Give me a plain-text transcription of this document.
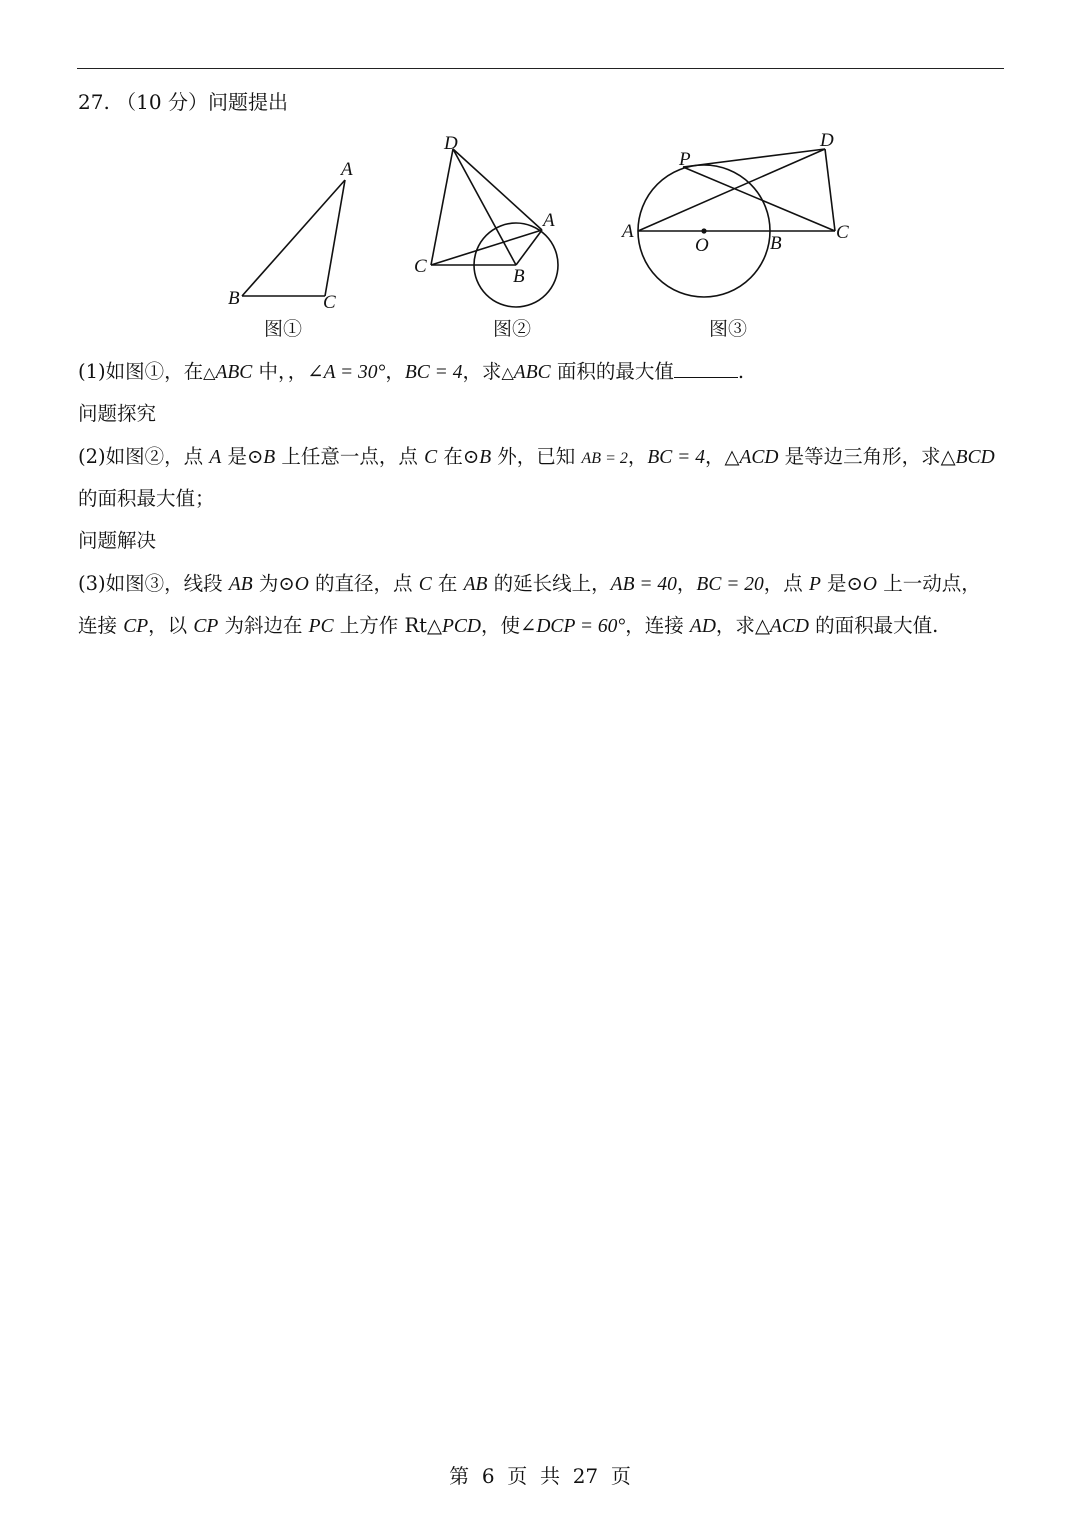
27. （10 分）问题提出
A
B	C
图①
D
A
C	B
图②
P
D
A
O	B
C
图③
(1)如图①，在△ABC 中，，∠A = 30°，BC = 4，求△ABC 面积的最大值	.
问题探究
(2)如图②，点 A 是⊙B 上任意一点，点 C 在⊙B 外，已知 AB = 2，BC = 4，△ACD 是等边三角形，求△BCD
的面积最大值；
问题解决
(3)如图③，线段 AB 为⊙O 的直径，点 C 在 AB 的延长线上，AB = 40，BC = 20，点 P 是⊙O 上一动点，
连接 CP，以 CP 为斜边在 PC 上方作 Rt△PCD，使∠DCP = 60°，连接 AD，求△ACD 的面积最大值.
第  6  页  共  27  页
